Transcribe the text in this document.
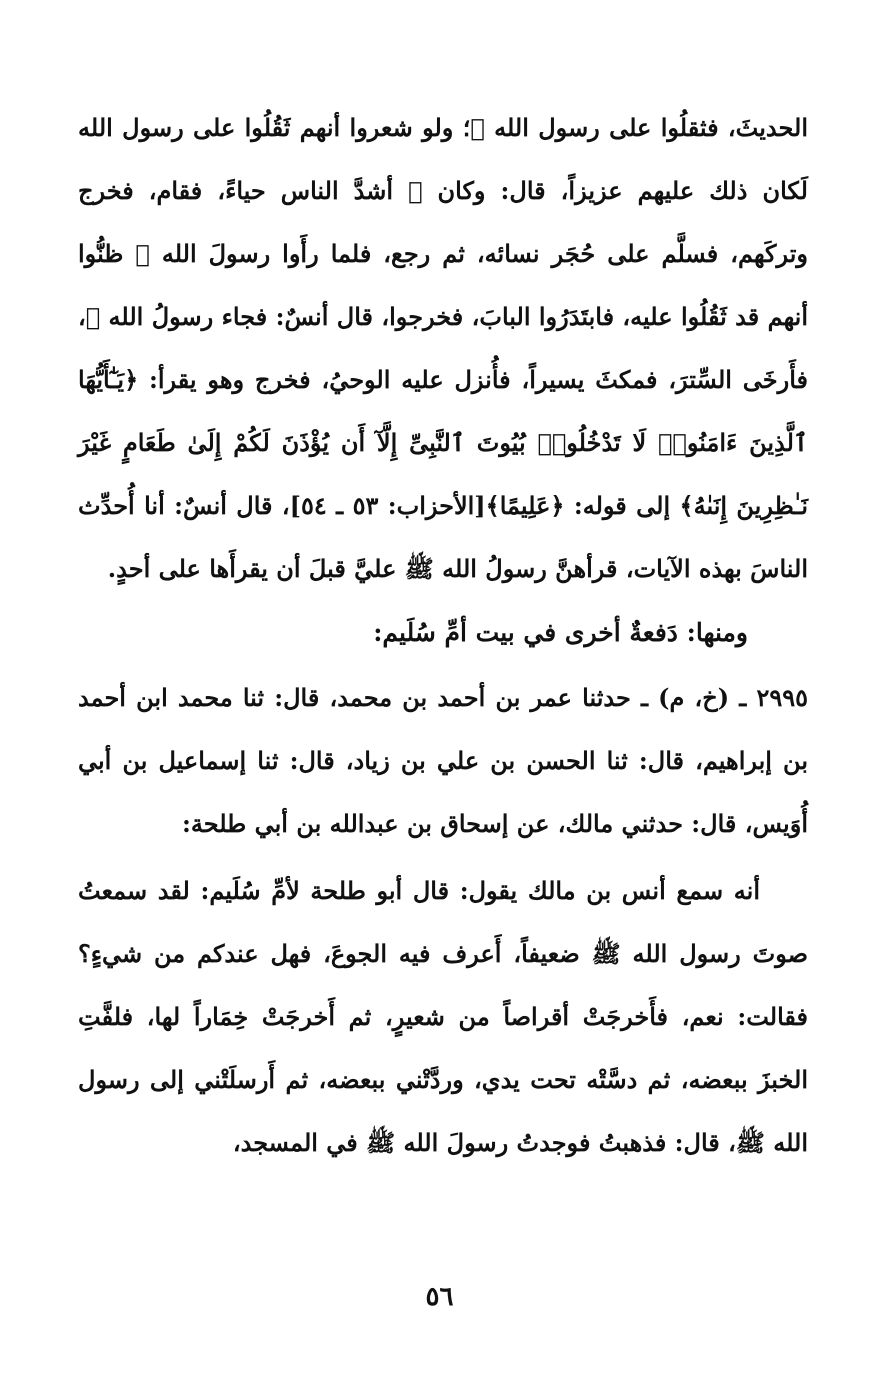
الحديثَ، فثقلُوا على رسول الله ﷺ؛ ولو شعروا أنهم ثَقُلُوا على رسول الله لَكان ذلك عليهم عزيزاً، قال: وكان ﷺ أشدَّ الناس حياءً، فقام، فخرج وتركَهم، فسلَّم على حُجَر نسائه، ثم رجع، فلما رأَوا رسولَ الله ﷺ ظنُّوا أنهم قد ثَقُلُوا عليه، فابتَدَرُوا البابَ، فخرجوا، قال أنسٌ: فجاء رسولُ الله ﷺ، فأَرخَى السِّترَ، فمكثَ يسيراً، فأُنزل عليه الوحيُ، فخرج وهو يقرأ: ﴿يَـٰٓأَيُّهَا ٱلَّذِينَ ءَامَنُوا۟ لَا تَدْخُلُوا۟ بُيُوتَ ٱلنَّبِىِّ إِلَّآ أَن يُؤْذَنَ لَكُمْ إِلَىٰ طَعَامٍ غَيْرَ نَـٰظِرِينَ إِنَىٰهُ﴾ إلى قوله: ﴿عَلِيمًا﴾[الأحزاب: ٥٣ ـ ٥٤]، قال أنسٌ: أنا أُحدِّث الناسَ بهذه الآيات، قرأهنَّ رسولُ الله ﷺ عليَّ قبلَ أن يقرأَها على أحدٍ.

ومنها: دَفعةٌ أخرى في بيت أمِّ سُلَيم:

٢٩٩٥ ـ (خ، م) ـ حدثنا عمر بن أحمد بن محمد، قال: ثنا محمد ابن أحمد بن إبراهيم، قال: ثنا الحسن بن علي بن زياد، قال: ثنا إسماعيل بن أبي أُوَيس، قال: حدثني مالك، عن إسحاق بن عبدالله بن أبي طلحة:

أنه سمع أنس بن مالك يقول: قال أبو طلحة لأمِّ سُلَيم: لقد سمعتُ صوتَ رسول الله ﷺ ضعيفاً، أَعرف فيه الجوعَ، فهل عندكم من شيءٍ؟ فقالت: نعم، فأَخرجَتْ أقراصاً من شعيرٍ، ثم أَخرجَتْ خِمَاراً لها، فلفَّتِ الخبزَ ببعضه، ثم دسَّتْه تحت يدي، وردَّتْني ببعضه، ثم أَرسلَتْني إلى رسول الله ﷺ، قال: فذهبتُ فوجدتُ رسولَ الله ﷺ في المسجد،

٥٦
